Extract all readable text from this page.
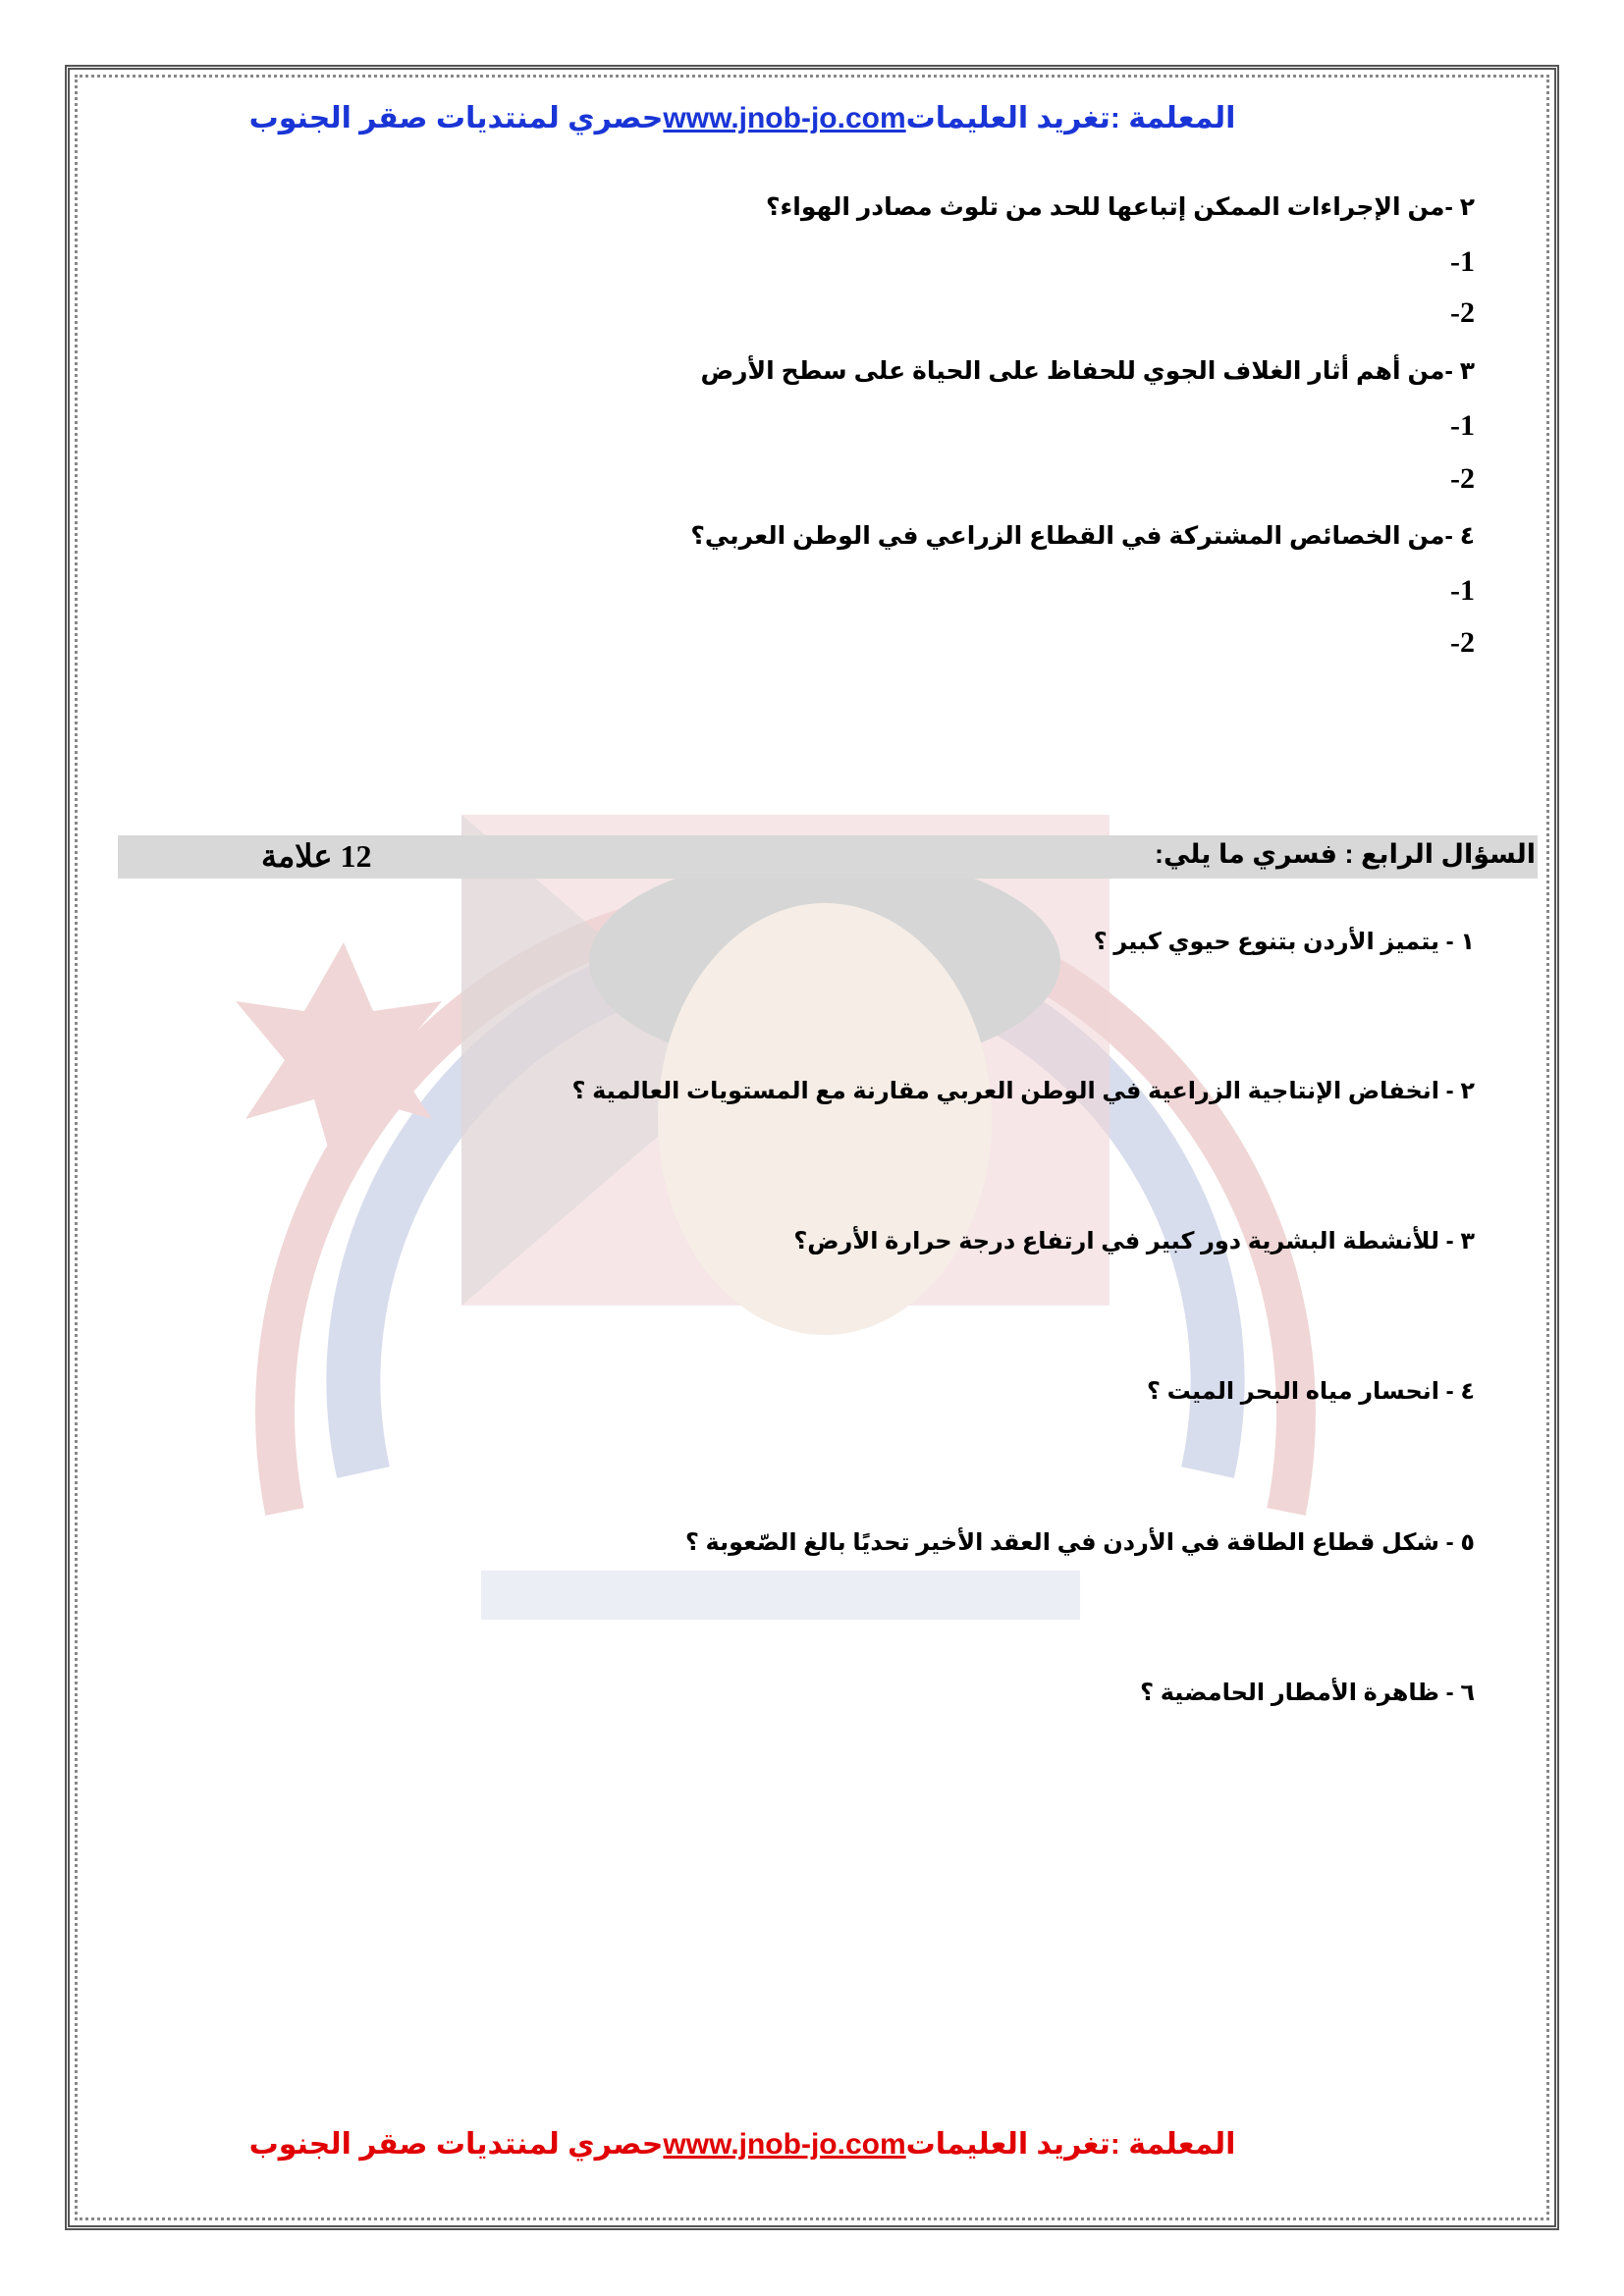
المعلمة :تغريد العليماتwww.jnob-jo.comحصري لمنتديات صقر الجنوب
٢ -من الإجراءات الممكن إتباعها للحد من تلوث مصادر الهواء؟
-1
-2
٣ -من أهم أثار الغلاف الجوي للحفاظ على الحياة على سطح الأرض
-1
-2
٤ -من الخصائص المشتركة في القطاع الزراعي في الوطن العربي؟
-1
-2
السؤال الرابع : فسري ما يلي:
12 علامة
١ - يتميز الأردن بتنوع حيوي كبير ؟
٢ - انخفاض الإنتاجية الزراعية في الوطن العربي مقارنة مع المستويات العالمية ؟
٣ - للأنشطة البشرية دور كبير في ارتفاع درجة حرارة الأرض؟
٤ - انحسار مياه البحر الميت ؟
٥ - شكل قطاع الطاقة في الأردن في العقد الأخير تحديًا بالغ الصّعوبة ؟
٦ - ظاهرة الأمطار الحامضية ؟
المعلمة :تغريد العليماتwww.jnob-jo.comحصري لمنتديات صقر الجنوب
